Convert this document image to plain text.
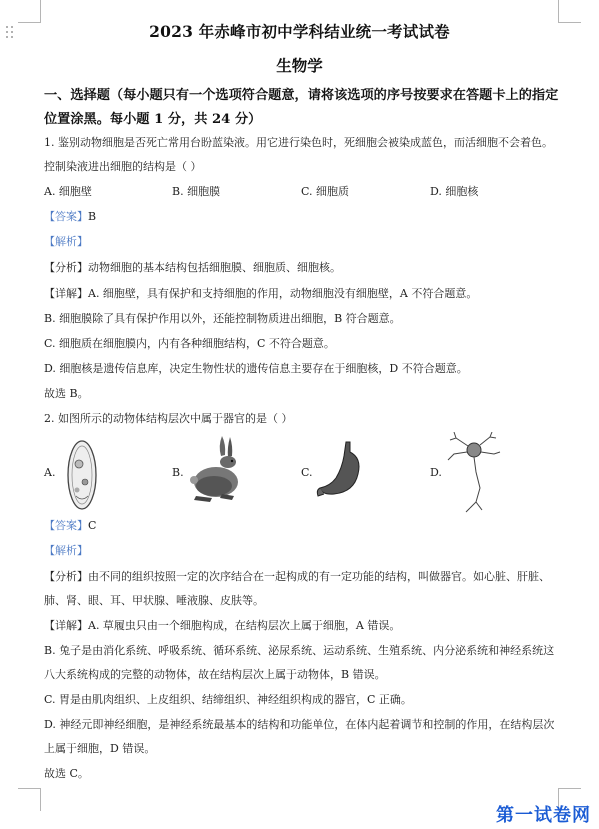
2023 年赤峰市初中学科结业统一考试试卷
生物学
一、选择题（每小题只有一个选项符合题意，请将该选项的序号按要求在答题卡上的指定位置涂黑。每小题 1 分，共 24 分）
1. 鉴别动物细胞是否死亡常用台盼蓝染液。用它进行染色时，死细胞会被染成蓝色，而活细胞不会着色。
控制染液进出细胞的结构是（ ）
A. 细胞壁	B. 细胞膜	C. 细胞质	D. 细胞核
【答案】B
【解析】
【分析】动物细胞的基本结构包括细胞膜、细胞质、细胞核。
【详解】A. 细胞壁，具有保护和支持细胞的作用，动物细胞没有细胞壁，A 不符合题意。
B. 细胞膜除了具有保护作用以外，还能控制物质进出细胞，B 符合题意。
C. 细胞质在细胞膜内，内有各种细胞结构，C 不符合题意。
D. 细胞核是遗传信息库，决定生物性状的遗传信息主要存在于细胞核，D 不符合题意。
故选 B。
2. 如图所示的动物体结构层次中属于器官的是（ ）
A.	B.	C.	D.
【答案】C
【解析】
【分析】由不同的组织按照一定的次序结合在一起构成的有一定功能的结构，叫做器官。如心脏、肝脏、
肺、肾、眼、耳、甲状腺、唾液腺、皮肤等。
【详解】A. 草履虫只由一个细胞构成，在结构层次上属于细胞，A 错误。
B. 兔子是由消化系统、呼吸系统、循环系统、泌尿系统、运动系统、生殖系统、内分泌系统和神经系统这
八大系统构成的完整的动物体，故在结构层次上属于动物体，B 错误。
C. 胃是由肌肉组织、上皮组织、结缔组织、神经组织构成的器官，C 正确。
D. 神经元即神经细胞，是神经系统最基本的结构和功能单位，在体内起着调节和控制的作用，在结构层次
上属于细胞，D 错误。
故选 C。
第一试卷网
